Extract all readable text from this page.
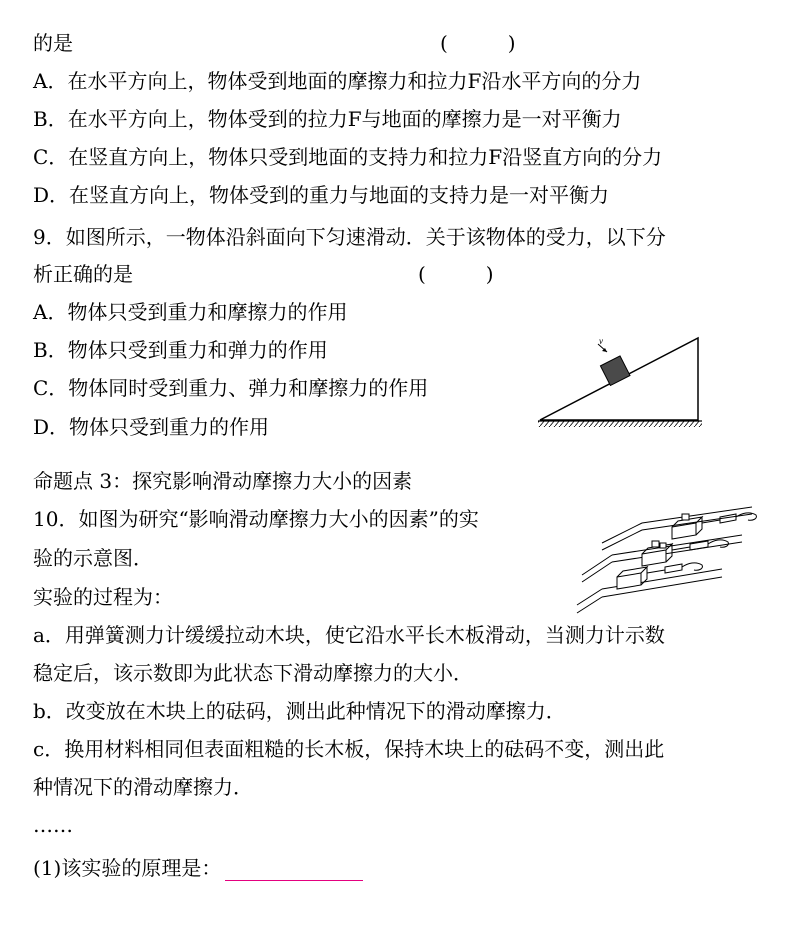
的是	(　　　)
A．在水平方向上，物体受到地面的摩擦力和拉力F沿水平方向的分力
B．在水平方向上，物体受到的拉力F与地面的摩擦力是一对平衡力
C．在竖直方向上，物体只受到地面的支持力和拉力F沿竖直方向的分力
D．在竖直方向上，物体受到的重力与地面的支持力是一对平衡力
9．如图所示，一物体沿斜面向下匀速滑动．关于该物体的受力，以下分
析正确的是	(　　　)
A．物体只受到重力和摩擦力的作用
B．物体只受到重力和弹力的作用
C．物体同时受到重力、弹力和摩擦力的作用
D．物体只受到重力的作用
v
命题点 3：探究影响滑动摩擦力大小的因素
10．如图为研究“影响滑动摩擦力大小的因素”的实
验的示意图．
实验的过程为：
a．用弹簧测力计缓缓拉动木块，使它沿水平长木板滑动，当测力计示数
稳定后，该示数即为此状态下滑动摩擦力的大小．
b．改变放在木块上的砝码，测出此种情况下的滑动摩擦力．
c．换用材料相同但表面粗糙的长木板，保持木块上的砝码不变，测出此
种情况下的滑动摩擦力．
……
(1)该实验的原理是：
